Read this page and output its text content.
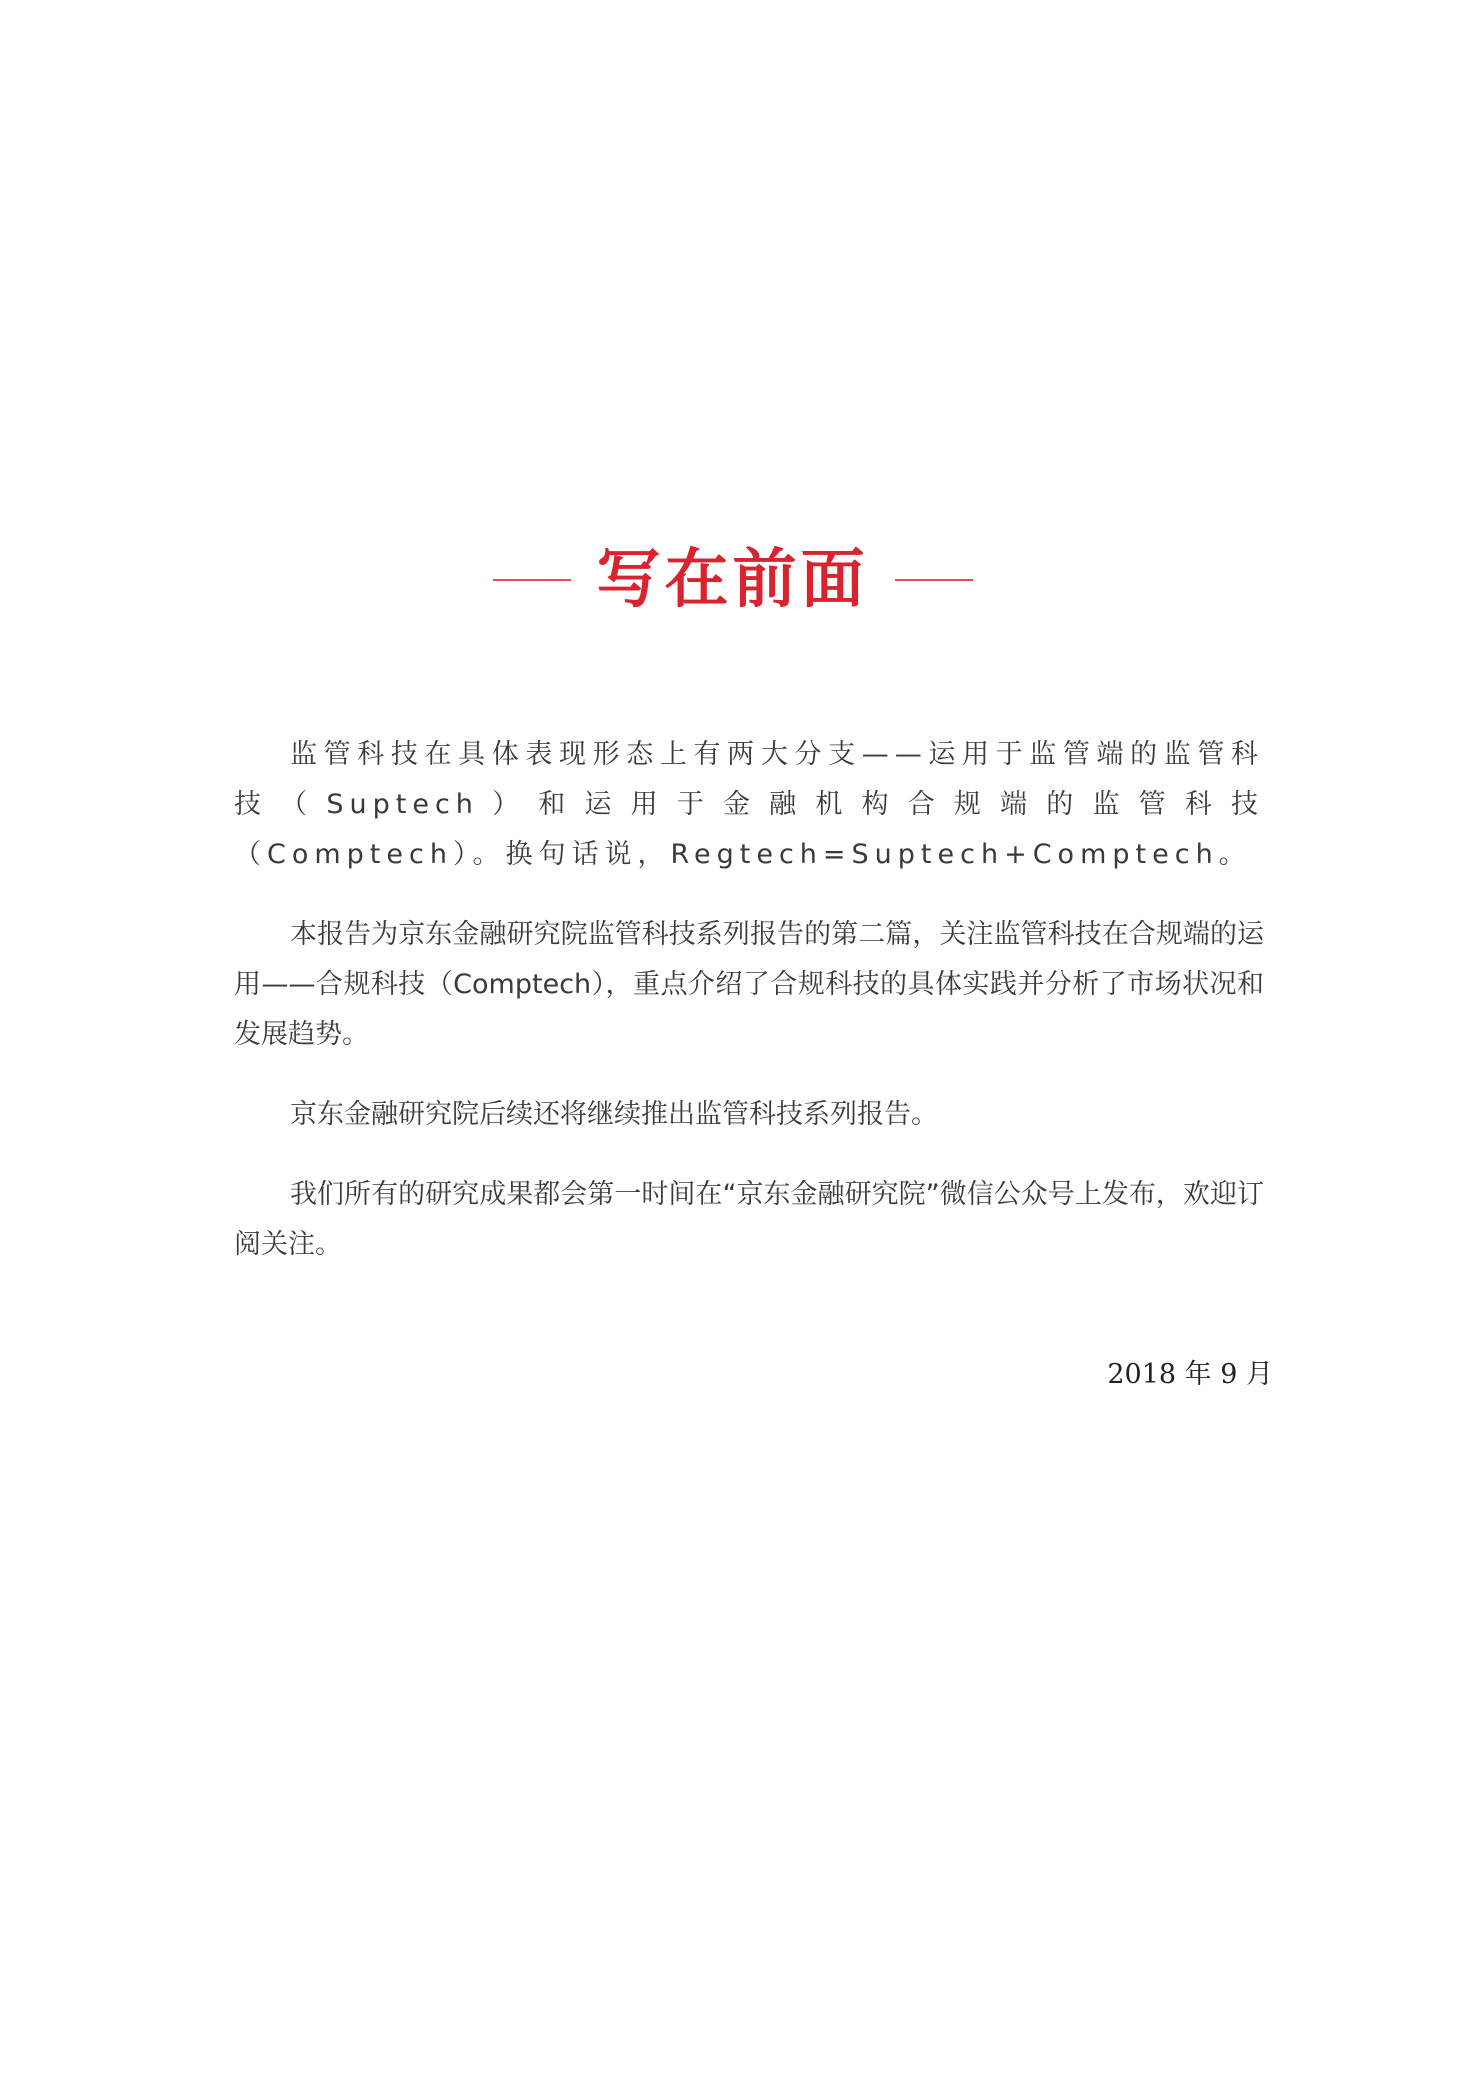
写在前面

监管科技在具体表现形态上有两大分支——运用于监管端的监管科技（Suptech）和运用于金融机构合规端的监管科技（Comptech）。换句话说，Regtech=Suptech+Comptech。

本报告为京东金融研究院监管科技系列报告的第二篇，关注监管科技在合规端的运用——合规科技（Comptech），重点介绍了合规科技的具体实践并分析了市场状况和发展趋势。

京东金融研究院后续还将继续推出监管科技系列报告。

我们所有的研究成果都会第一时间在“京东金融研究院”微信公众号上发布，欢迎订阅关注。

2018 年 9 月
